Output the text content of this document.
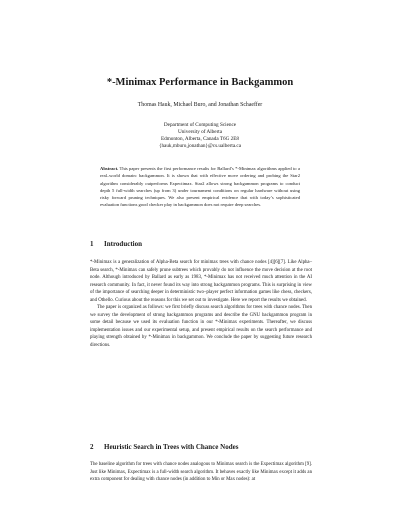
*-Minimax Performance in Backgammon
Thomas Hauk, Michael Buro, and Jonathan Schaeffer
Department of Computing Science
University of Alberta
Edmonton, Alberta, Canada T6G 2E8
{hauk,mburo,jonathan}@cs.ualberta.ca
Abstract. This paper presents the first performance results for Ballard’s *-Minimax algorithms applied to a real–world domain: backgammon. It is shown that with effective move ordering and probing the Star2 algorithm considerably outperforms Expectimax. Star2 allows strong backgammon programs to conduct depth 5 full-width searches (up from 3) under tournament conditions on regular hardware without using risky forward pruning techniques. We also present empirical evidence that with today’s sophisticated evaluation functions good checker play in backgammon does not require deep searches.
1 Introduction

*-Minimax is a generalization of Alpha-Beta search for minimax trees with chance nodes [4][6][7]. Like Alpha–Beta search, *-Minimax can safely prune subtrees which provably do not influence the move decision at the root node. Although introduced by Ballard as early as 1983, *-Minimax has not received much attention in the AI research community. In fact, it never found its way into strong backgammon programs. This is surprising in view of the importance of searching deeper in deterministic two–player perfect information games like chess, checkers, and Othello. Curious about the reasons for this we set out to investigate. Here we report the results we obtained.

The paper is organized as follows: we first briefly discuss search algorithms for trees with chance nodes. Then we survey the development of strong backgammon programs and describe the GNU backgammon program in some detail because we used its evaluation function in our *-Minimax experiments. Thereafter, we discuss implementation issues and our experimental setup, and present empirical results on the search performance and playing strength obtained by *-Minimax in backgammon. We conclude the paper by suggesting future research directions.

2 Heuristic Search in Trees with Chance Nodes

The baseline algorithm for trees with chance nodes analogous to Minimax search is the Expectimax algorithm [9]. Just like Minimax, Expectimax is a full-width search algorithm. It behaves exactly like Minimax except it adds an extra component for dealing with chance nodes (in addition to Min or Max nodes): at
